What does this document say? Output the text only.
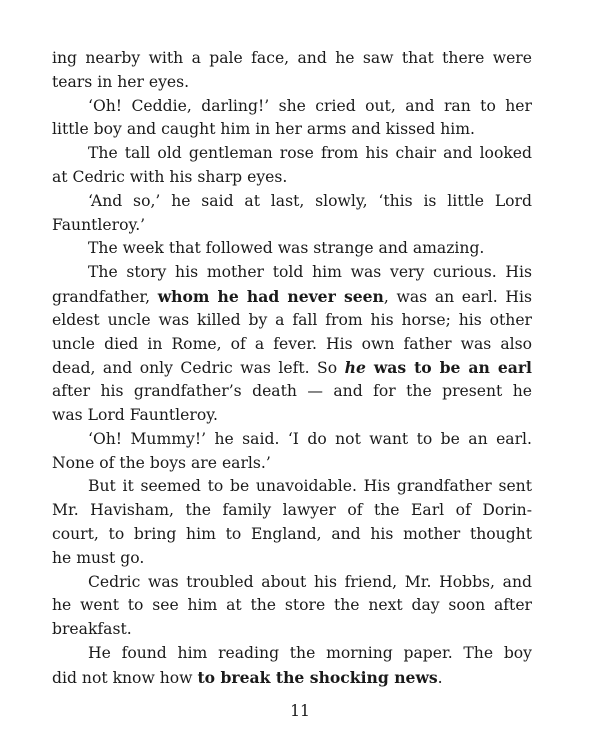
ing nearby with a pale face, and he saw that there were
tears in her eyes.
‘Oh! Ceddie, darling!’ she cried out, and ran to her
little boy and caught him in her arms and kissed him.
The tall old gentleman rose from his chair and looked
at Cedric with his sharp eyes.
‘And so,’ he said at last, slowly, ‘this is little Lord
Fauntleroy.’
The week that followed was strange and amazing.
The story his mother told him was very curious. His
grandfather, whom he had never seen, was an earl. His
eldest uncle was killed by a fall from his horse; his other
uncle died in Rome, of a fever. His own father was also
dead, and only Cedric was left. So he was to be an earl
after his grandfather’s death — and for the present he
was Lord Fauntleroy.
‘Oh! Mummy!’ he said. ‘I do not want to be an earl.
None of the boys are earls.’
But it seemed to be unavoidable. His grandfather sent
Mr. Havisham, the family lawyer of the Earl of Dorin-
court, to bring him to England, and his mother thought
he must go.
Cedric was troubled about his friend, Mr. Hobbs, and
he went to see him at the store the next day soon after
breakfast.
He found him reading the morning paper. The boy
did not know how to break the shocking news.
11
